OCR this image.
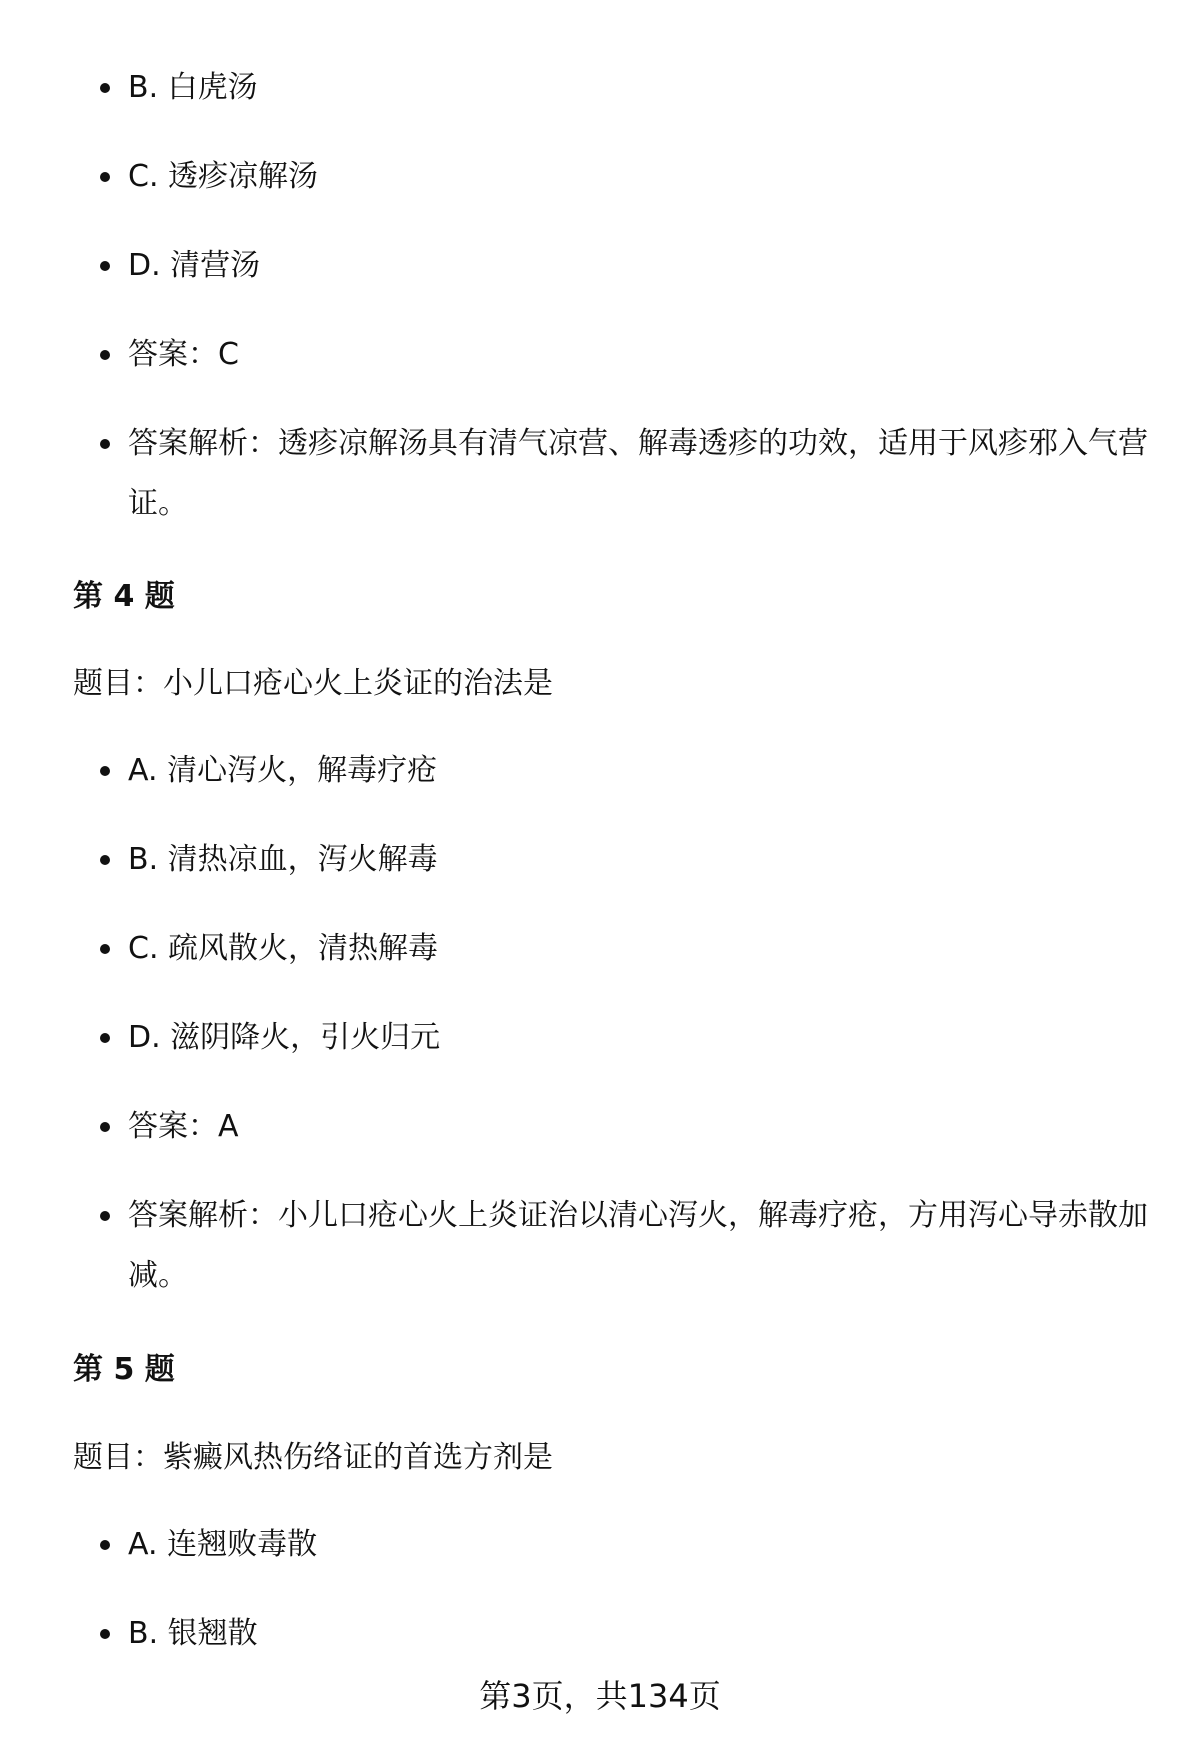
B. 白虎汤
C. 透疹凉解汤
D. 清营汤
答案：C
答案解析：透疹凉解汤具有清气凉营、解毒透疹的功效，适用于风疹邪入气营证。
第 4 题
题目：小儿口疮心火上炎证的治法是
A. 清心泻火，解毒疗疮
B. 清热凉血，泻火解毒
C. 疏风散火，清热解毒
D. 滋阴降火，引火归元
答案：A
答案解析：小儿口疮心火上炎证治以清心泻火，解毒疗疮，方用泻心导赤散加减。
第 5 题
题目：紫癜风热伤络证的首选方剂是
A. 连翘败毒散
B. 银翘散
第3页，共134页
